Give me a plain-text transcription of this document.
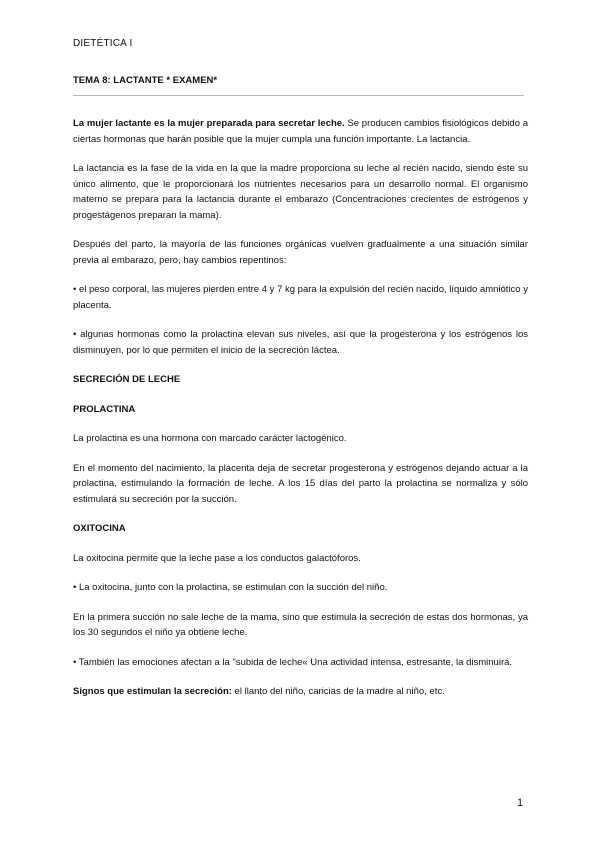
DIETÉTICA I
TEMA 8: LACTANTE * EXAMEN*

La mujer lactante es la mujer preparada para secretar leche. Se producen cambios fisiológicos debido a ciertas hormonas que harán posible que la mujer cumpla una función importante. La lactancia.

La lactancia es la fase de la vida en la que la madre proporciona su leche al recién nacido, siendo éste su único alimento, que le proporcionará los nutrientes necesarios para un desarrollo normal. El organismo materno se prepara para la lactancia durante el embarazo (Concentraciones crecientes de estrógenos y progestágenos preparan la mama).

Después del parto, la mayoría de las funciones orgánicas vuelven gradualmente a una situación similar previa al embarazo, pero, hay cambios repentinos:

• el peso corporal, las mujeres pierden entre 4 y 7 kg para la expulsión del recién nacido, líquido amniótico y placenta.

• algunas hormonas como la prolactina elevan sus niveles, así que la progesterona y los estrógenos los disminuyen, por lo que permiten el inicio de la secreción láctea.

SECRECIÓN DE LECHE

PROLACTINA

La prolactina es una hormona con marcado carácter lactogénico.

En el momento del nacimiento, la placenta deja de secretar progesterona y estrógenos dejando actuar a la prolactina, estimulando la formación de leche. A los 15 días del parto la prolactina se normaliza y sólo estimulará su secreción por la succión.

OXITOCINA

La oxitocina permite que la leche pase a los conductos galactóforos.

• La oxitocina, junto con la prolactina, se estimulan con la succión del niño.

En la primera succión no sale leche de la mama, sino que estimula la secreción de estas dos hormonas, ya los 30 segundos el niño ya obtiene leche.

• También las emociones afectan a la "subida de leche« Una actividad intensa, estresante, la disminuirá.

Signos que estimulan la secreción: el llanto del niño, caricias de la madre al niño, etc.

1
